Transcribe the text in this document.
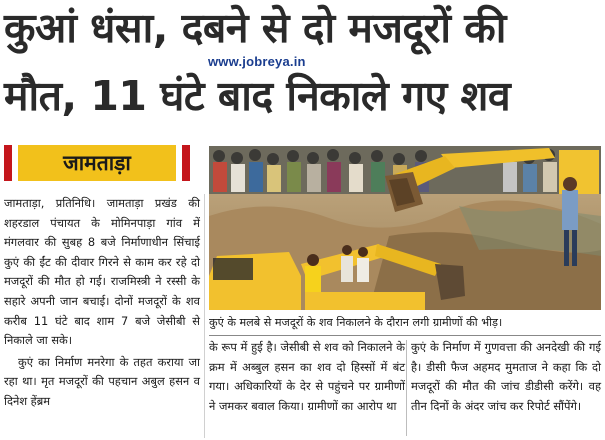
कुआं धंसा, दबने से दो मजदूरों की
मौत, 11 घंटे बाद निकाले गए शव
www.jobreya.in
जामताड़ा

जामताड़ा, प्रतिनिधि। जामताड़ा प्रखंड की शहरडाल पंचायत के मोमिनपाड़ा गांव में मंगलवार की सुबह 8 बजे निर्माणाधीन सिंचाई कुएं की ईंट की दीवार गिरने से काम कर रहे दो मजदूरों की मौत हो गई। राजमिस्त्री ने रस्सी के सहारे अपनी जान बचाई। दोनों मजदूरों के शव करीब 11 घंटे बाद शाम 7 बजे जेसीबी से निकाले जा सके।

कुएं का निर्माण मनरेगा के तहत कराया जा रहा था। मृत मजदूरों की पहचान अबुल हसन व दिनेश हेंब्रम

कुएं के मलबे से मजदूरों के शव निकालने के दौरान लगी ग्रामीणों की भीड़।
के रूप में हुई है। जेसीबी से शव को निकालने के क्रम में अब्बुल हसन का शव दो हिस्सों में बंट गया। अधिकारियों के देर से पहुंचने पर ग्रामीणों ने जमकर बवाल किया। ग्रामीणों का आरोप था
कुएं के निर्माण में गुणवत्ता की अनदेखी की गई है। डीसी फैज अहमद मुमताज ने कहा कि दो मजदूरों की मौत की जांच डीडीसी करेंगे। वह तीन दिनों के अंदर जांच कर रिपोर्ट सौंपेंगे।
